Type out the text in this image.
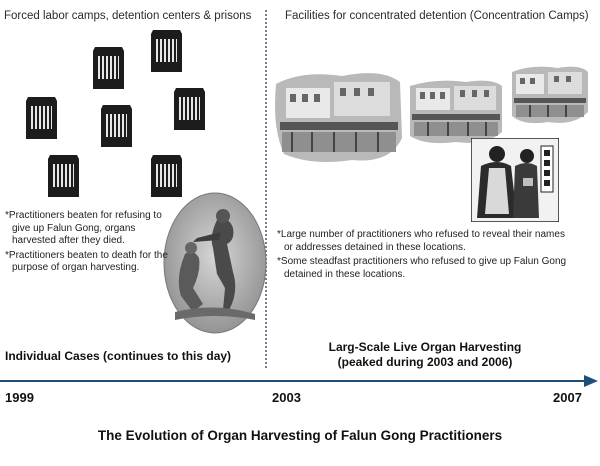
Forced labor camps, detention centers & prisons	Facilities for concentrated detention (Concentration Camps)

*Practitioners beaten for refusing to give up Falun Gong, organs harvested after they died.

*Practitioners beaten to death for the purpose of organ harvesting.

*Large number of practitioners who refused to reveal their names or addresses detained in these locations.

*Some steadfast practitioners who refused to give up Falun Gong detained in these locations.

Individual Cases (continues to this day)
Larg-Scale Live Organ Harvesting
(peaked during 2003 and 2006)
1999	2003	2007
The Evolution of Organ Harvesting of Falun Gong Practitioners
